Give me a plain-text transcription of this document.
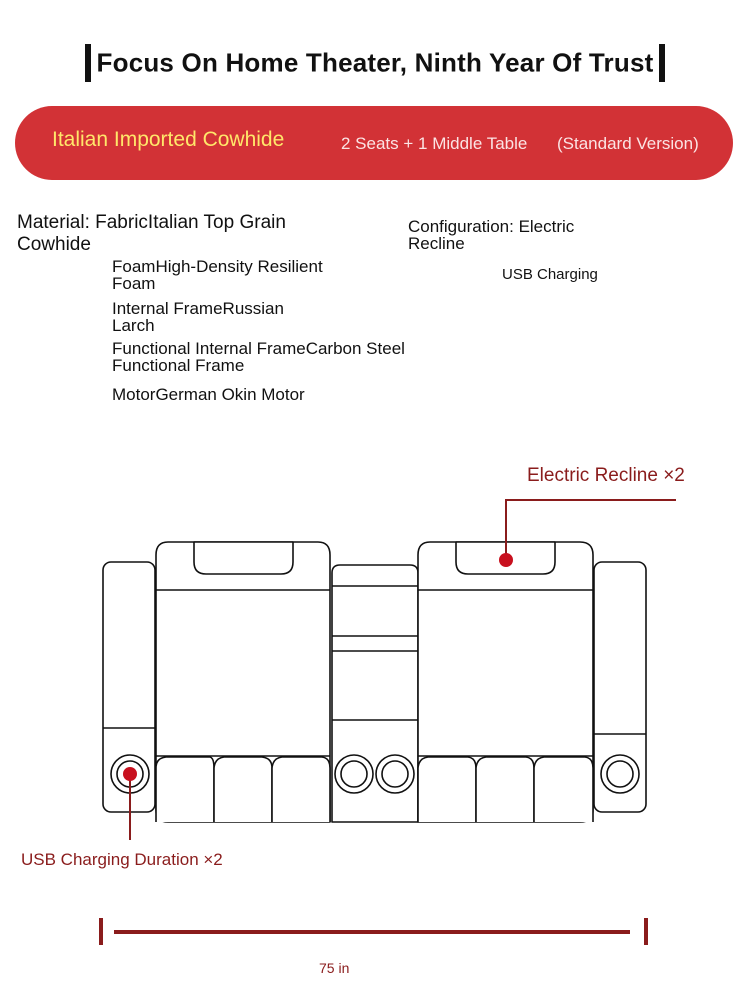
Focus On Home Theater, Ninth Year Of Trust
Italian Imported Cowhide	2 Seats + 1 Middle Table (Standard Version)
Material: FabricItalian Top Grain Cowhide
FoamHigh-Density Resilient Foam
Internal FrameRussian Larch
Functional Internal FrameCarbon Steel Functional Frame
MotorGerman Okin Motor
Configuration: Electric Recline
USB Charging
Electric Recline ×2
USB Charging Duration ×2
75 in
